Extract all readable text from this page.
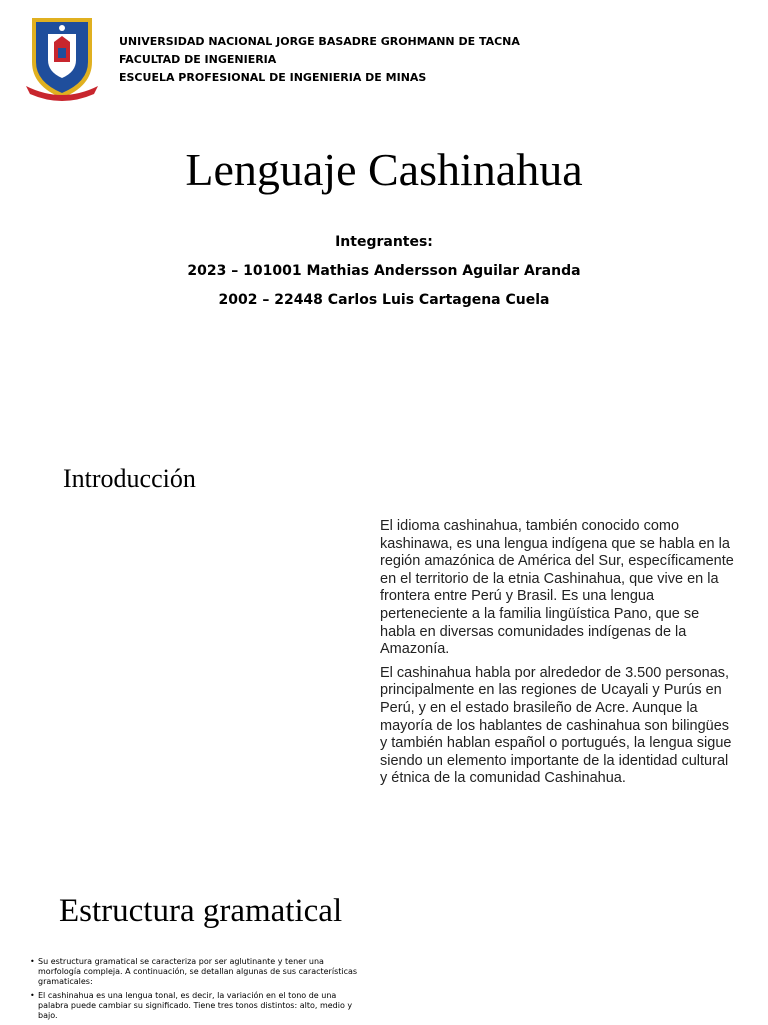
UNIVERSIDAD NACIONAL JORGE BASADRE GROHMANN DE TACNA
FACULTAD DE INGENIERIA
ESCUELA PROFESIONAL DE INGENIERIA DE MINAS
Lenguaje Cashinahua
Integrantes:
2023 – 101001 Mathias Andersson Aguilar Aranda
2002 – 22448 Carlos Luis Cartagena Cuela
Introducción

El idioma cashinahua, también conocido como kashinawa, es una lengua indígena que se habla en la región amazónica de América del Sur, específicamente en el territorio de la etnia Cashinahua, que vive en la frontera entre Perú y Brasil. Es una lengua perteneciente a la familia lingüística Pano, que se habla en diversas comunidades indígenas de la Amazonía.

El cashinahua habla por alrededor de 3.500 personas, principalmente en las regiones de Ucayali y Purús en Perú, y en el estado brasileño de Acre. Aunque la mayoría de los hablantes de cashinahua son bilingües y también hablan español o portugués, la lengua sigue siendo un elemento importante de la identidad cultural y étnica de la comunidad Cashinahua.

Estructura gramatical
• Su estructura gramatical se caracteriza por ser aglutinante y tener una morfología compleja. A continuación, se detallan algunas de sus características gramaticales:
• El cashinahua es una lengua tonal, es decir, la variación en el tono de una palabra puede cambiar su significado. Tiene tres tonos distintos: alto, medio y bajo.
